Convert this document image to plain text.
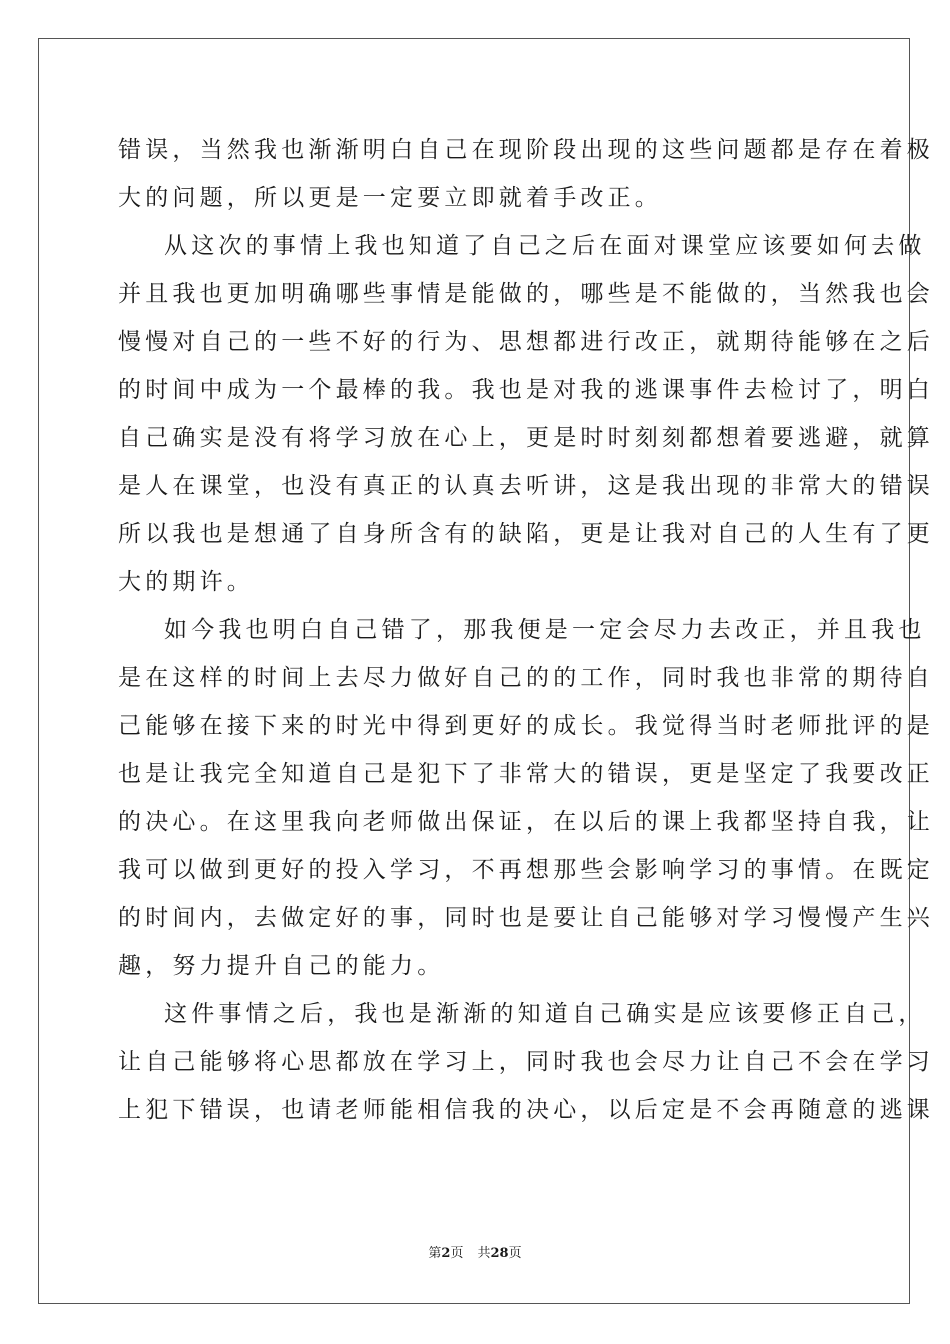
错误，当然我也渐渐明白自己在现阶段出现的这些问题都是存在着极
大的问题，所以更是一定要立即就着手改正。
从这次的事情上我也知道了自己之后在面对课堂应该要如何去做
并且我也更加明确哪些事情是能做的，哪些是不能做的，当然我也会
慢慢对自己的一些不好的行为、思想都进行改正，就期待能够在之后
的时间中成为一个最棒的我。我也是对我的逃课事件去检讨了，明白
自己确实是没有将学习放在心上，更是时时刻刻都想着要逃避，就算
是人在课堂，也没有真正的认真去听讲，这是我出现的非常大的错误
所以我也是想通了自身所含有的缺陷，更是让我对自己的人生有了更
大的期许。
如今我也明白自己错了，那我便是一定会尽力去改正，并且我也
是在这样的时间上去尽力做好自己的的工作，同时我也非常的期待自
己能够在接下来的时光中得到更好的成长。我觉得当时老师批评的是
也是让我完全知道自己是犯下了非常大的错误，更是坚定了我要改正
的决心。在这里我向老师做出保证，在以后的课上我都坚持自我，让
我可以做到更好的投入学习，不再想那些会影响学习的事情。在既定
的时间内，去做定好的事，同时也是要让自己能够对学习慢慢产生兴
趣，努力提升自己的能力。
这件事情之后，我也是渐渐的知道自己确实是应该要修正自己，
让自己能够将心思都放在学习上，同时我也会尽力让自己不会在学习
上犯下错误，也请老师能相信我的决心，以后定是不会再随意的逃课
第2页 共28页
